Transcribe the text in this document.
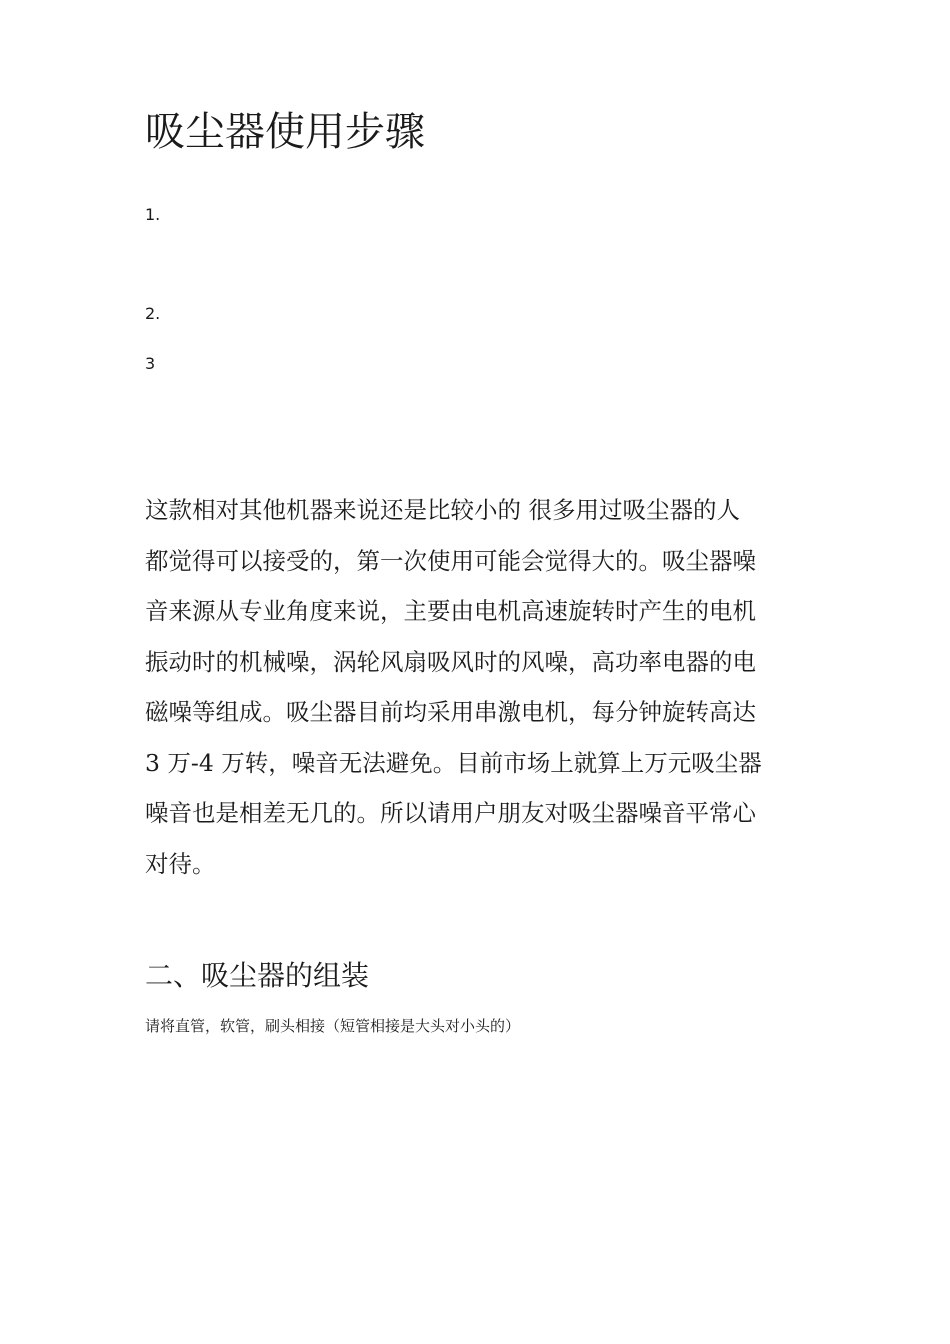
吸尘器使用步骤
1.
2.
3
这款相对其他机器来说还是比较小的 很多用过吸尘器的人
都觉得可以接受的，第一次使用可能会觉得大的。吸尘器噪
音来源从专业角度来说，主要由电机高速旋转时产生的电机
振动时的机械噪，涡轮风扇吸风时的风噪，高功率电器的电
磁噪等组成。吸尘器目前均采用串激电机，每分钟旋转高达
3 万-4 万转，噪音无法避免。目前市场上就算上万元吸尘器
噪音也是相差无几的。所以请用户朋友对吸尘器噪音平常心
对待。
二、吸尘器的组装
请将直管，软管，刷头相接（短管相接是大头对小头的）
